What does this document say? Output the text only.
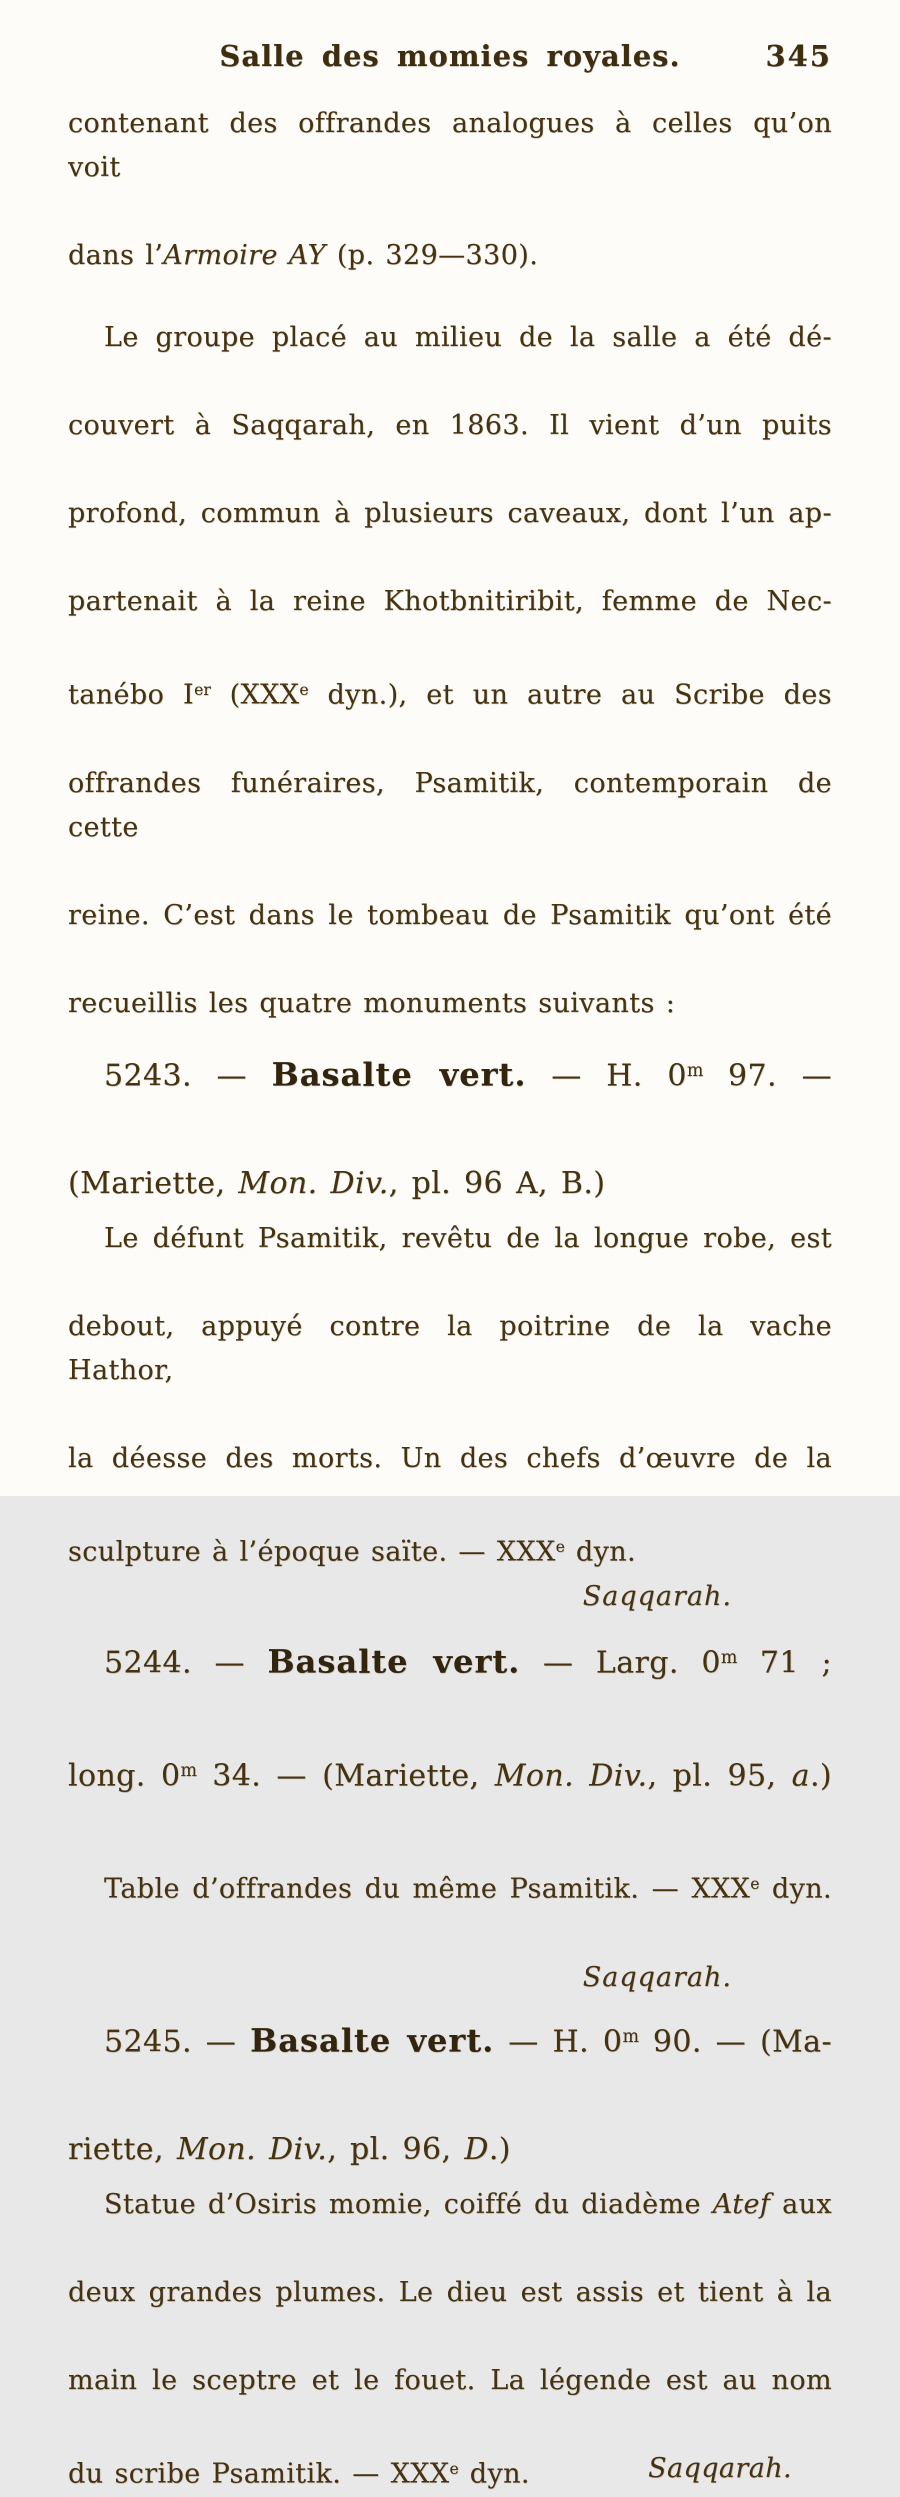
Salle des momies royales.	345
contenant des offrandes analogues à celles qu’on voit
dans l’Armoire AY (p. 329—330).
Le groupe placé au milieu de la salle a été dé-
couvert à Saqqarah, en 1863. Il vient d’un puits
profond, commun à plusieurs caveaux, dont l’un ap-
partenait à la reine Khotbnitiribit, femme de Nec-
tanébo Ier (XXXe dyn.), et un autre au Scribe des
offrandes funéraires, Psamitik, contemporain de cette
reine. C’est dans le tombeau de Psamitik qu’ont été
recueillis les quatre monuments suivants :
5243. — Basalte vert. — H. 0$^m$ 97. —
(Mariette, Mon. Div., pl. 96 A, B.)
Le défunt Psamitik, revêtu de la longue robe, est
debout, appuyé contre la poitrine de la vache Hathor,
la déesse des morts. Un des chefs d’œuvre de la
sculpture à l’époque saïte. — XXXe dyn.
Saqqarah.
5244. — Basalte vert. — Larg. 0$^m$ 71 ;
long. 0$^m$ 34. — (Mariette, Mon. Div., pl. 95, a.)
Table d’offrandes du même Psamitik. — XXXe dyn.
Saqqarah.
5245. — Basalte vert. — H. 0$^m$ 90. — (Ma-
riette, Mon. Div., pl. 96, D.)
Statue d’Osiris momie, coiffé du diadème Atef aux
deux grandes plumes. Le dieu est assis et tient à la
main le sceptre et le fouet. La légende est au nom
du scribe Psamitik. — XXXe dyn.	Saqqarah.
